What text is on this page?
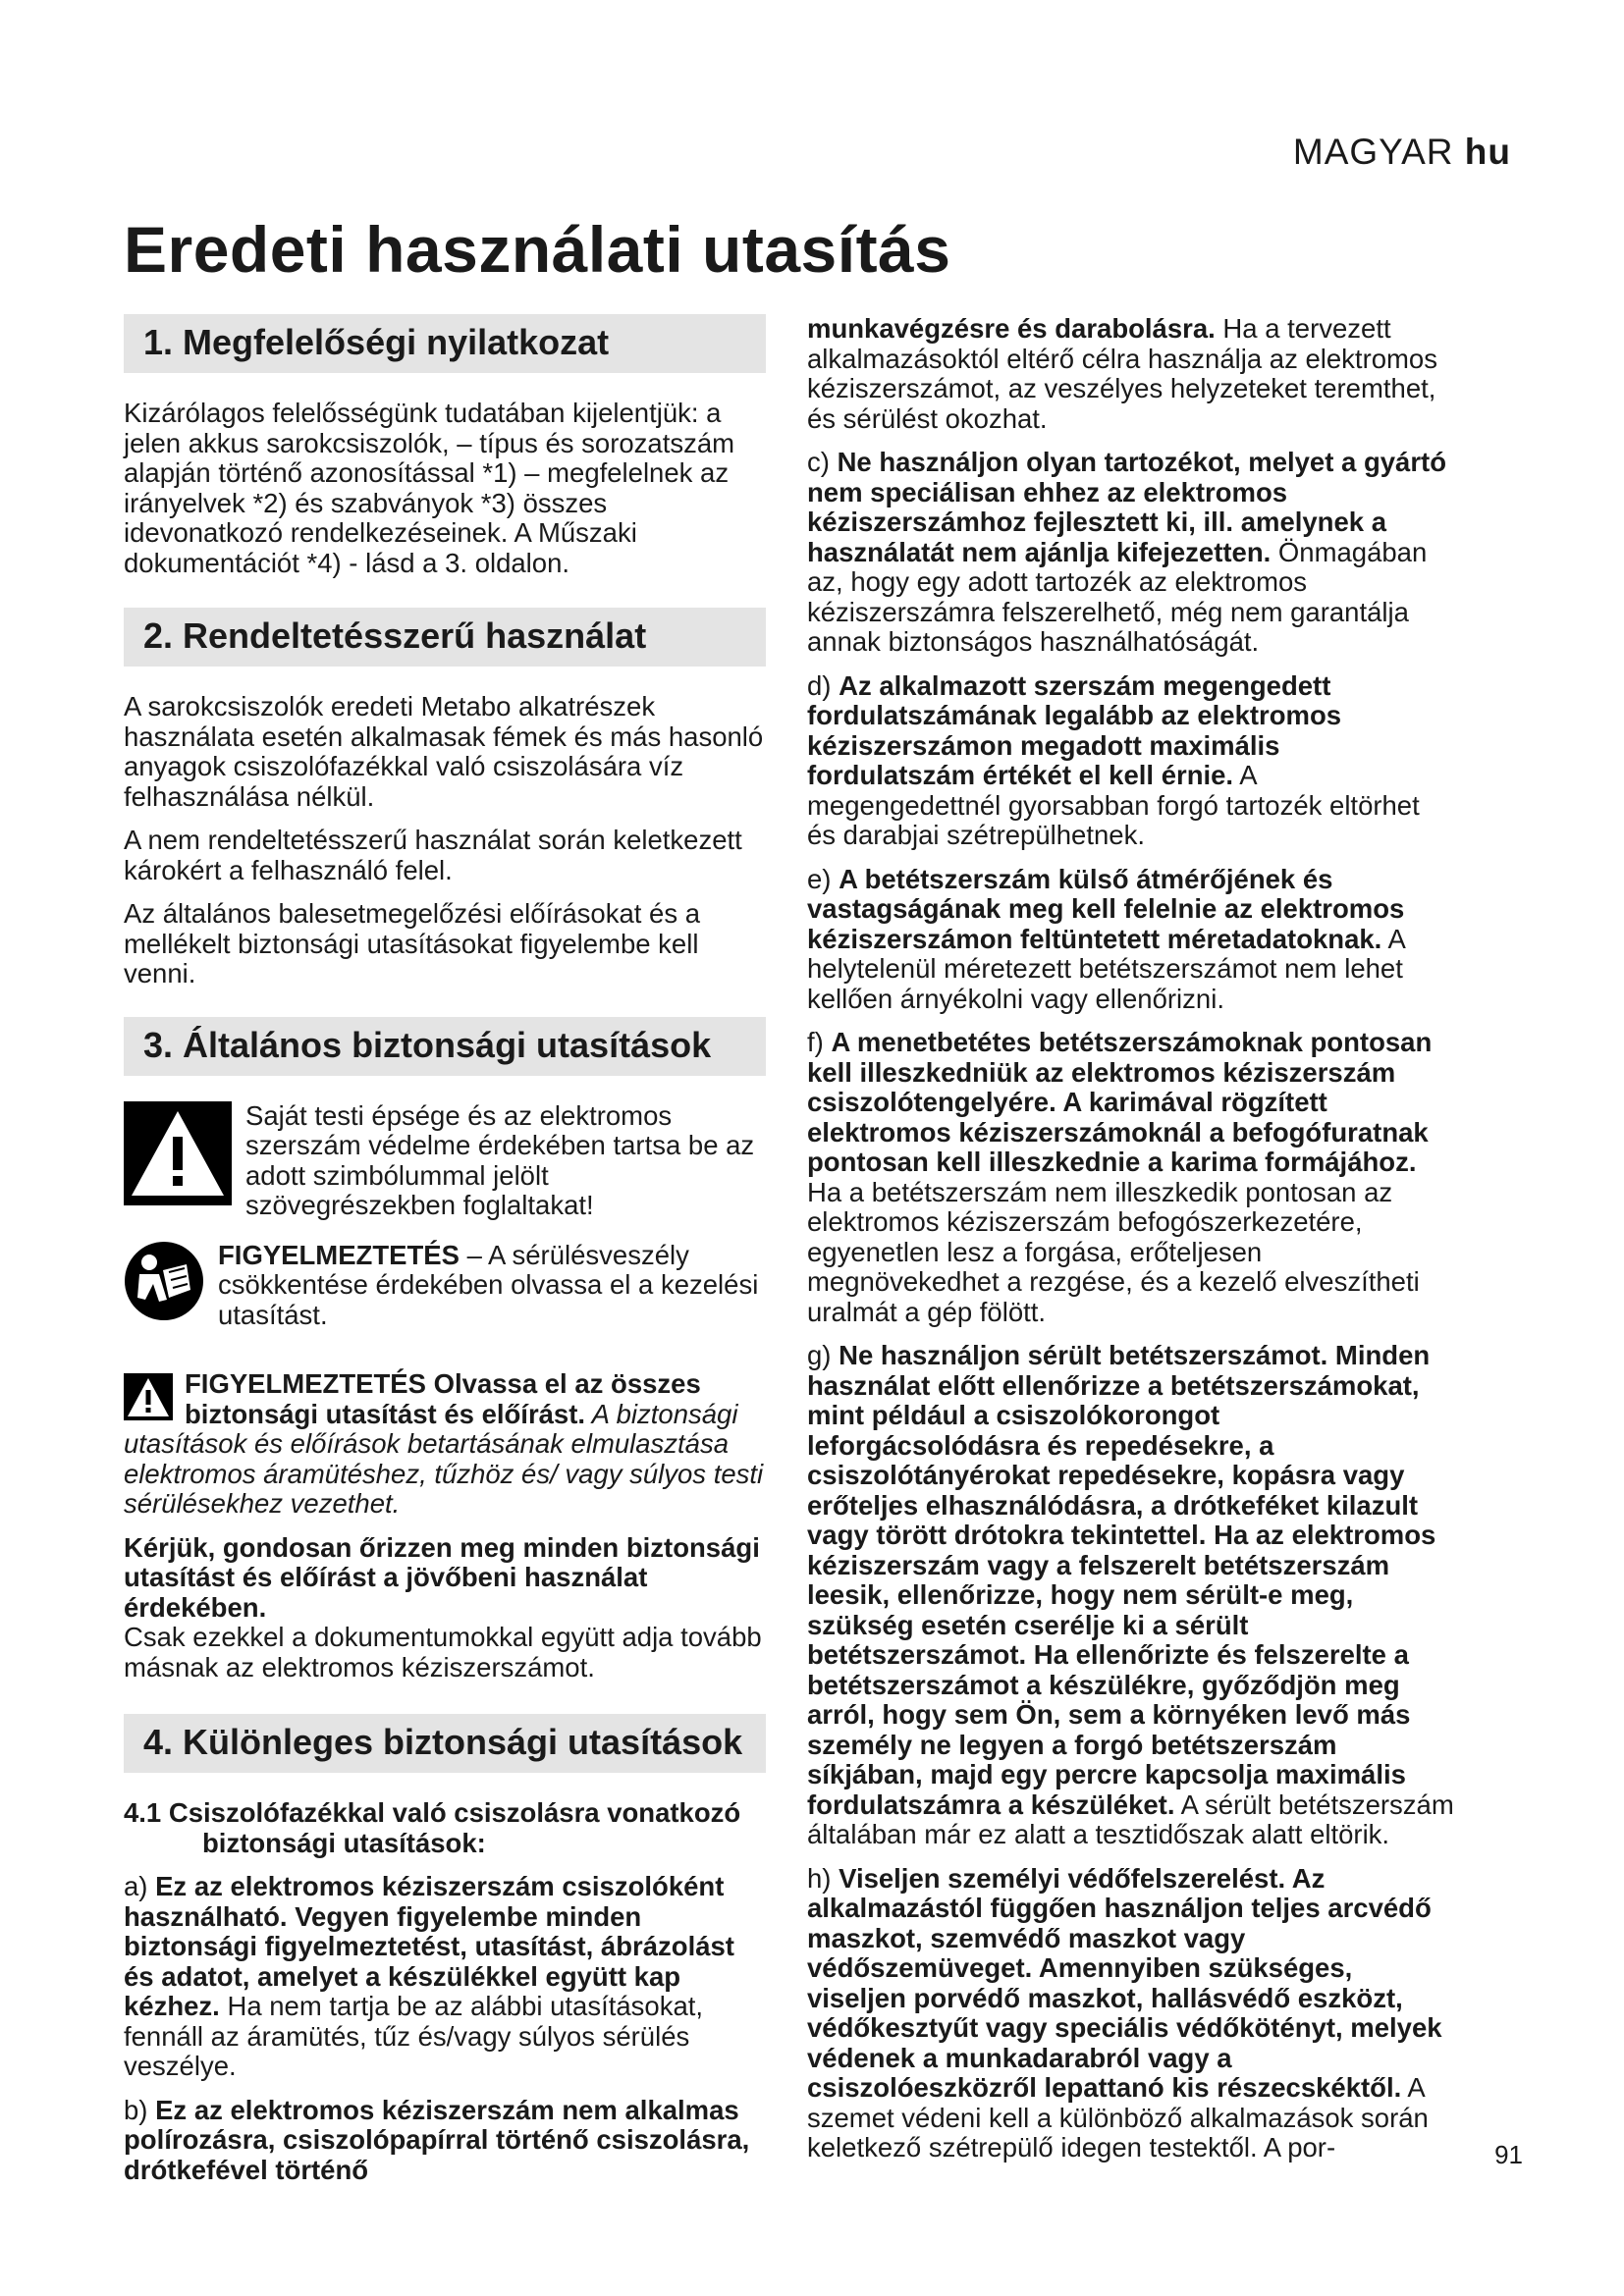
MAGYAR hu
Eredeti használati utasítás
1. Megfelelőségi nyilatkozat

Kizárólagos felelősségünk tudatában kijelentjük: a jelen akkus sarokcsiszolók, – típus és sorozatszám alapján történő azonosítással *1) – megfelelnek az irányelvek *2) és szabványok *3) összes idevonatkozó rendelkezéseinek. A Műszaki dokumentációt *4) - lásd a 3. oldalon.

2. Rendeltetésszerű használat

A sarokcsiszolók eredeti Metabo alkatrészek használata esetén alkalmasak fémek és más hasonló anyagok csiszolófazékkal való csiszolására víz felhasználása nélkül.

A nem rendeltetésszerű használat során keletkezett károkért a felhasználó felel.

Az általános balesetmegelőzési előírásokat és a mellékelt biztonsági utasításokat figyelembe kell venni.

3. Általános biztonsági utasítások
Saját testi épsége és az elektromos szerszám védelme érdekében tartsa be az adott szimbólummal jelölt szövegrészekben foglaltakat!
FIGYELMEZTETÉS – A sérülésveszély csökkentése érdekében olvassa el a kezelési utasítást.

FIGYELMEZTETÉS Olvassa el az összes biztonsági utasítást és előírást. A biztonsági utasítások és előírások betartásának elmulasztása elektromos áramütéshez, tűzhöz és/ vagy súlyos testi sérülésekhez vezethet.

Kérjük, gondosan őrizzen meg minden biztonsági utasítást és előírást a jövőbeni használat érdekében.
Csak ezekkel a dokumentumokkal együtt adja tovább másnak az elektromos kéziszerszámot.

4. Különleges biztonsági utasítások

4.1 Csiszolófazékkal való csiszolásra vonatkozó biztonsági utasítások:

a) Ez az elektromos kéziszerszám csiszolóként használható. Vegyen figyelembe minden biztonsági figyelmeztetést, utasítást, ábrázolást és adatot, amelyet a készülékkel együtt kap kézhez. Ha nem tartja be az alábbi utasításokat, fennáll az áramütés, tűz és/vagy súlyos sérülés veszélye.

b) Ez az elektromos kéziszerszám nem alkalmas polírozásra, csiszolópapírral történő csiszolásra, drótkefével történő

munkavégzésre és darabolásra. Ha a tervezett alkalmazásoktól eltérő célra használja az elektromos kéziszerszámot, az veszélyes helyzeteket teremthet, és sérülést okozhat.

c) Ne használjon olyan tartozékot, melyet a gyártó nem speciálisan ehhez az elektromos kéziszerszámhoz fejlesztett ki, ill. amelynek a használatát nem ajánlja kifejezetten. Önmagában az, hogy egy adott tartozék az elektromos kéziszerszámra felszerelhető, még nem garantálja annak biztonságos használhatóságát.

d) Az alkalmazott szerszám megengedett fordulatszámának legalább az elektromos kéziszerszámon megadott maximális fordulatszám értékét el kell érnie. A megengedettnél gyorsabban forgó tartozék eltörhet és darabjai szétrepülhetnek.

e) A betétszerszám külső átmérőjének és vastagságának meg kell felelnie az elektromos kéziszerszámon feltüntetett méretadatoknak. A helytelenül méretezett betétszerszámot nem lehet kellően árnyékolni vagy ellenőrizni.

f) A menetbetétes betétszerszámoknak pontosan kell illeszkedniük az elektromos kéziszerszám csiszolótengelyére. A karimával rögzített elektromos kéziszerszámoknál a befogófuratnak pontosan kell illeszkednie a karima formájához. Ha a betétszerszám nem illeszkedik pontosan az elektromos kéziszerszám befogószerkezetére, egyenetlen lesz a forgása, erőteljesen megnövekedhet a rezgése, és a kezelő elveszítheti uralmát a gép fölött.

g) Ne használjon sérült betétszerszámot. Minden használat előtt ellenőrizze a betétszerszámokat, mint például a csiszolókorongot leforgácsolódásra és repedésekre, a csiszolótányérokat repedésekre, kopásra vagy erőteljes elhasználódásra, a drótkeféket kilazult vagy törött drótokra tekintettel. Ha az elektromos kéziszerszám vagy a felszerelt betétszerszám leesik, ellenőrizze, hogy nem sérült-e meg, szükség esetén cserélje ki a sérült betétszerszámot. Ha ellenőrizte és felszerelte a betétszerszámot a készülékre, győződjön meg arról, hogy sem Ön, sem a környéken levő más személy ne legyen a forgó betétszerszám síkjában, majd egy percre kapcsolja maximális fordulatszámra a készüléket. A sérült betétszerszám általában már ez alatt a tesztidőszak alatt eltörik.

h) Viseljen személyi védőfelszerelést. Az alkalmazástól függően használjon teljes arcvédő maszkot, szemvédő maszkot vagy védőszemüveget. Amennyiben szükséges, viseljen porvédő maszkot, hallásvédő eszközt, védőkesztyűt vagy speciális védőkötényt, melyek védenek a munkadarabról vagy a csiszolóeszközről lepattanó kis részecskéktől. A szemet védeni kell a különböző alkalmazások során keletkező szétrepülő idegen testektől. A por-	91
